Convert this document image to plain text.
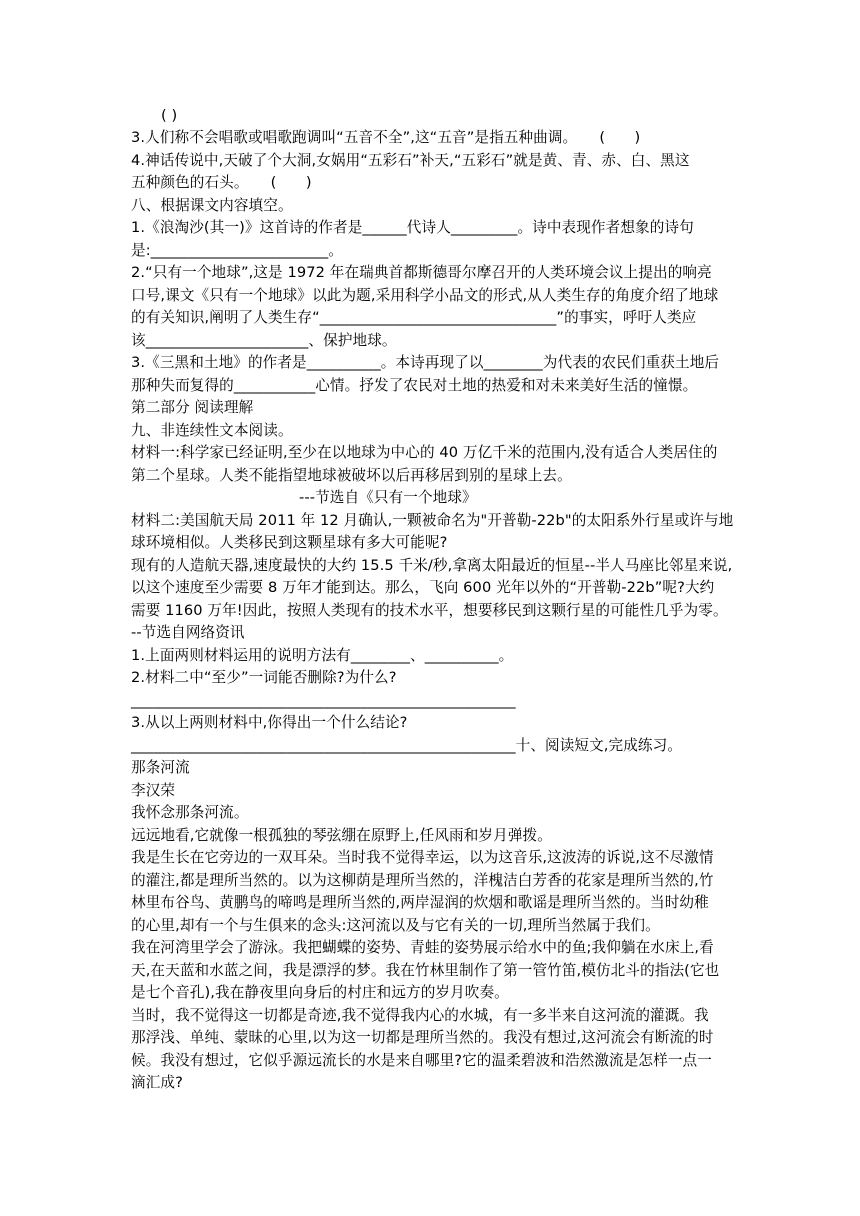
( )
3.人们称不会唱歌或唱歌跑调叫“五音不全”,这“五音”是指五种曲调。　　(　　)
4.神话传说中,天破了个大洞,女娲用“五彩石”补天,“五彩石”就是黄、青、赤、白、黑这
五种颜色的石头。　　(　　)
八、根据课文内容填空。
1.《浪淘沙(其一)》这首诗的作者是______代诗人_________。诗中表现作者想象的诗句
是:________________________。
2.“只有一个地球”,这是 1972 年在瑞典首都斯德哥尔摩召开的人类环境会议上提出的响亮
口号,课文《只有一个地球》以此为题,采用科学小品文的形式,从人类生存的角度介绍了地球
的有关知识,阐明了人类生存“________________________________”的事实，呼吁人类应
该______________________、保护地球。
3.《三黑和土地》的作者是__________。本诗再现了以________为代表的农民们重获土地后
那种失而复得的___________心情。抒发了农民对土地的热爱和对未来美好生活的憧憬。
第二部分 阅读理解
九、非连续性文本阅读。
材料一:科学家已经证明,至少在以地球为中心的 40 万亿千米的范围内,没有适合人类居住的
第二个星球。人类不能指望地球被破坏以后再移居到别的星球上去。
---节选自《只有一个地球》
材料二:美国航天局 2011 年 12 月确认,一颗被命名为"开普勒-22b"的太阳系外行星或许与地
球环境相似。人类移民到这颗星球有多大可能呢?
现有的人造航天器,速度最快的大约 15.5 千米/秒,拿离太阳最近的恒星--半人马座比邻星来说,
以这个速度至少需要 8 万年才能到达。那么，飞向 600 光年以外的“开普勒-22b”呢?大约
需要 1160 万年!因此，按照人类现有的技术水平，想要移民到这颗行星的可能性几乎为零。
--节选自网络资讯
1.上面两则材料运用的说明方法有________、__________。
2.材料二中“至少”一词能否删除?为什么?
____________________________________________________
3.从以上两则材料中,你得出一个什么结论?
____________________________________________________十、阅读短文,完成练习。
那条河流
李汉荣
我怀念那条河流。
远远地看,它就像一根孤独的琴弦绷在原野上,任风雨和岁月弹拨。
我是生长在它旁边的一双耳朵。当时我不觉得幸运，以为这音乐,这波涛的诉说,这不尽激情
的灌注,都是理所当然的。以为这柳荫是理所当然的，洋槐洁白芳香的花家是理所当然的,竹
林里布谷鸟、黄鹏鸟的啼鸣是理所当然的,两岸湿润的炊烟和歌谣是理所当然的。当时幼稚
的心里,却有一个与生俱来的念头:这河流以及与它有关的一切,理所当然属于我们。
我在河湾里学会了游泳。我把蝴蝶的姿势、青蛙的姿势展示给水中的鱼;我仰躺在水床上,看
天,在天蓝和水蓝之间，我是漂浮的梦。我在竹林里制作了第一管竹笛,模仿北斗的指法(它也
是七个音孔),我在静夜里向身后的村庄和远方的岁月吹奏。
当时，我不觉得这一切都是奇迹,我不觉得我内心的水城，有一多半来自这河流的灌溉。我
那浮浅、单纯、蒙昧的心里,以为这一切都是理所当然的。我没有想过,这河流会有断流的时
候。我没有想过，它似乎源远流长的水是来自哪里?它的温柔碧波和浩然激流是怎样一点一
滴汇成?
